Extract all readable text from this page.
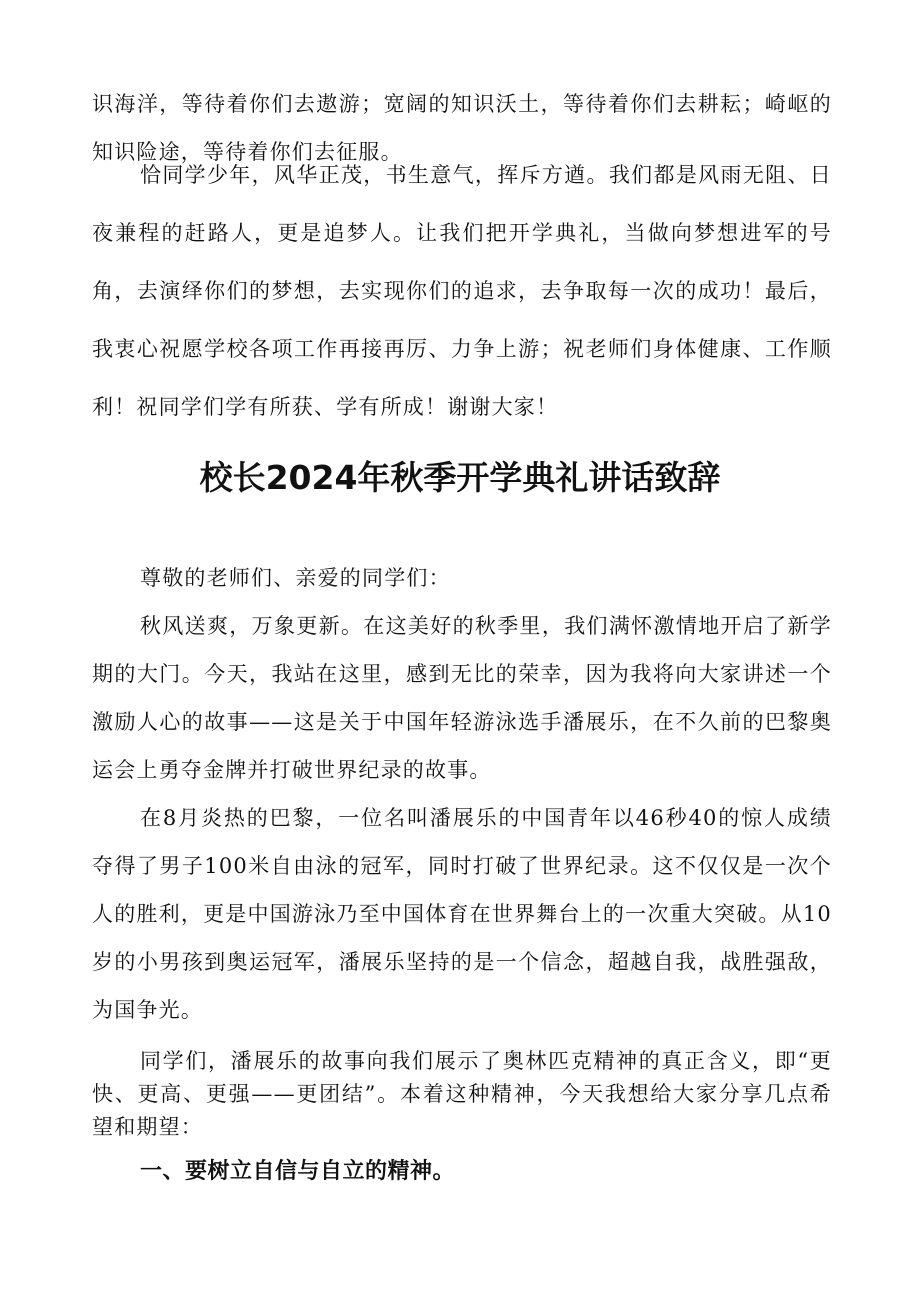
识海洋，等待着你们去遨游；宽阔的知识沃土，等待着你们去耕耘；崎岖的知识险途，等待着你们去征服。

恰同学少年，风华正茂，书生意气，挥斥方遒。我们都是风雨无阻、日夜兼程的赶路人，更是追梦人。让我们把开学典礼，当做向梦想进军的号角，去演绎你们的梦想，去实现你们的追求，去争取每一次的成功！最后，我衷心祝愿学校各项工作再接再厉、力争上游；祝老师们身体健康、工作顺利！祝同学们学有所获、学有所成！谢谢大家！

校长2024年秋季开学典礼讲话致辞

尊敬的老师们、亲爱的同学们：

秋风送爽，万象更新。在这美好的秋季里，我们满怀激情地开启了新学期的大门。今天，我站在这里，感到无比的荣幸，因为我将向大家讲述一个激励人心的故事——这是关于中国年轻游泳选手潘展乐，在不久前的巴黎奥运会上勇夺金牌并打破世界纪录的故事。

在8月炎热的巴黎，一位名叫潘展乐的中国青年以46秒40的惊人成绩夺得了男子100米自由泳的冠军，同时打破了世界纪录。这不仅仅是一次个人的胜利，更是中国游泳乃至中国体育在世界舞台上的一次重大突破。从10岁的小男孩到奥运冠军，潘展乐坚持的是一个信念，超越自我，战胜强敌，为国争光。

同学们，潘展乐的故事向我们展示了奥林匹克精神的真正含义，即“更快、更高、更强——更团结”。本着这种精神，今天我想给大家分享几点希望和期望：

一、要树立自信与自立的精神。
